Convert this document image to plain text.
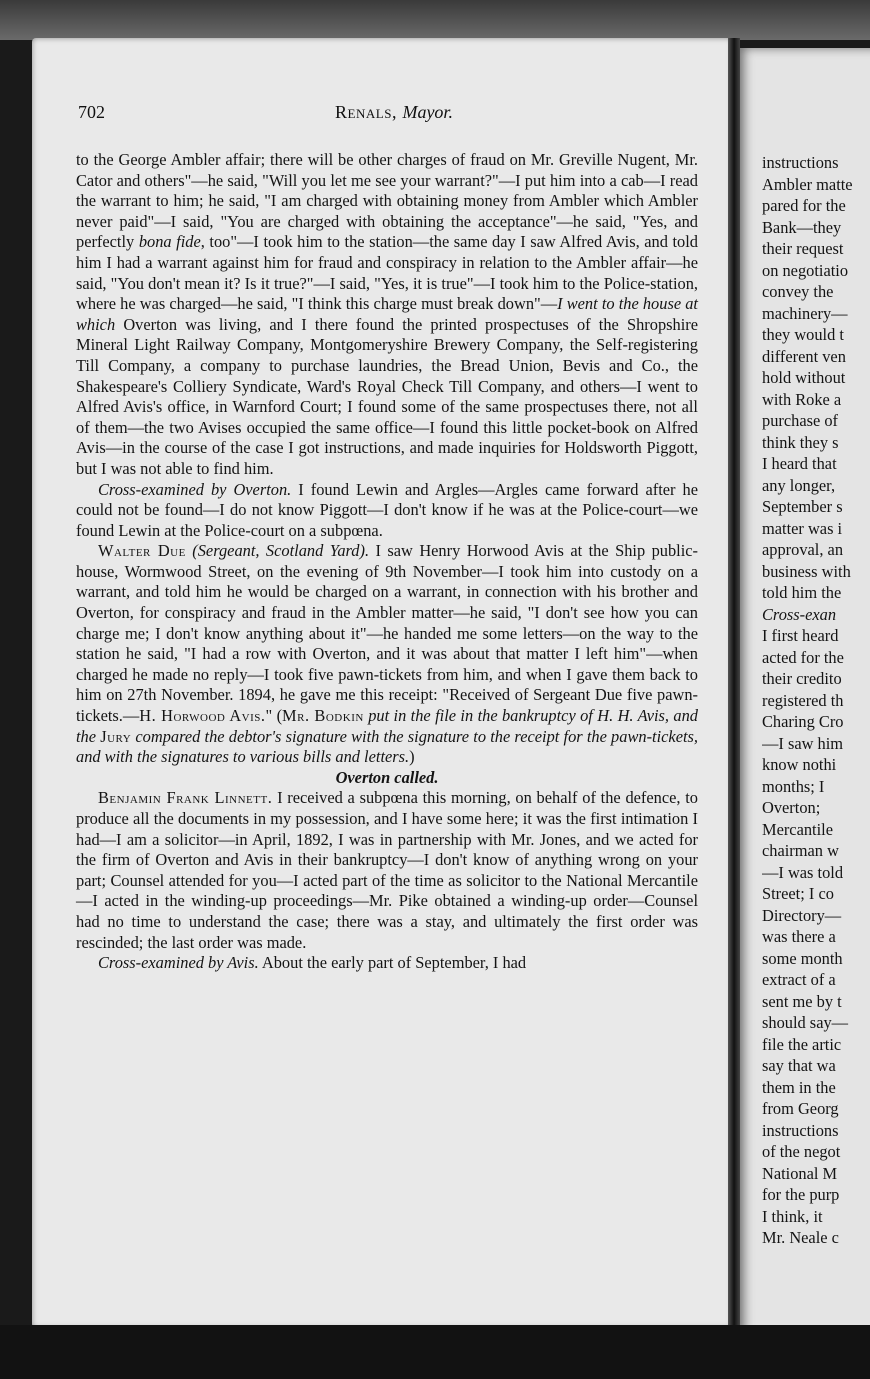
702	Renals, Mayor.

to the George Ambler affair; there will be other charges of fraud on Mr. Greville Nugent, Mr. Cator and others"—he said, "Will you let me see your warrant?"—I put him into a cab—I read the warrant to him; he said, "I am charged with obtaining money from Ambler which Ambler never paid"—I said, "You are charged with obtaining the acceptance"—he said, "Yes, and perfectly bona fide, too"—I took him to the station—the same day I saw Alfred Avis, and told him I had a warrant against him for fraud and conspiracy in relation to the Ambler affair—he said, "You don't mean it? Is it true?"—I said, "Yes, it is true"—I took him to the Police-station, where he was charged—he said, "I think this charge must break down"—I went to the house at which Overton was living, and I there found the printed prospectuses of the Shropshire Mineral Light Railway Company, Montgomeryshire Brewery Company, the Self-registering Till Company, a company to purchase laundries, the Bread Union, Bevis and Co., the Shakespeare's Colliery Syndicate, Ward's Royal Check Till Company, and others—I went to Alfred Avis's office, in Warnford Court; I found some of the same prospectuses there, not all of them—the two Avises occupied the same office—I found this little pocket-book on Alfred Avis—in the course of the case I got instructions, and made inquiries for Holdsworth Piggott, but I was not able to find him.

Cross-examined by Overton. I found Lewin and Argles—Argles came forward after he could not be found—I do not know Piggott—I don't know if he was at the Police-court—we found Lewin at the Police-court on a subpœna.

Walter Due (Sergeant, Scotland Yard). I saw Henry Horwood Avis at the Ship public-house, Wormwood Street, on the evening of 9th November—I took him into custody on a warrant, and told him he would be charged on a warrant, in connection with his brother and Overton, for conspiracy and fraud in the Ambler matter—he said, "I don't see how you can charge me; I don't know anything about it"—he handed me some letters—on the way to the station he said, "I had a row with Overton, and it was about that matter I left him"—when charged he made no reply—I took five pawn-tickets from him, and when I gave them back to him on 27th November. 1894, he gave me this receipt: "Received of Sergeant Due five pawn-tickets.—H. Horwood Avis." (Mr. Bodkin put in the file in the bankruptcy of H. H. Avis, and the Jury compared the debtor's signature with the signature to the receipt for the pawn-tickets, and with the signatures to various bills and letters.)

Overton called.

Benjamin Frank Linnett. I received a subpœna this morning, on behalf of the defence, to produce all the documents in my possession, and I have some here; it was the first intimation I had—I am a solicitor—in April, 1892, I was in partnership with Mr. Jones, and we acted for the firm of Overton and Avis in their bankruptcy—I don't know of anything wrong on your part; Counsel attended for you—I acted part of the time as solicitor to the National Mercantile—I acted in the winding-up proceedings—Mr. Pike obtained a winding-up order—Counsel had no time to understand the case; there was a stay, and ultimately the first order was rescinded; the last order was made.

Cross-examined by Avis. About the early part of September, I had

instructions
Ambler matte
pared for the
Bank—they
their request
on negotiatio
convey the
machinery—
they would t
different ven
hold without
with Roke a
purchase of
think they s
I heard that
any longer,
September s
matter was i
approval, an
business with
told him the
Cross-exan
I first heard
acted for the
their credito
registered th
Charing Cro
—I saw him
know nothi
months; I
Overton;
Mercantile
chairman w
—I was told
Street; I co
Directory—
was there a
some month
extract of a
sent me by t
should say—
file the artic
say that wa
them in the
from Georg
instructions
of the negot
National M
for the purp
I think, it
Mr. Neale c
